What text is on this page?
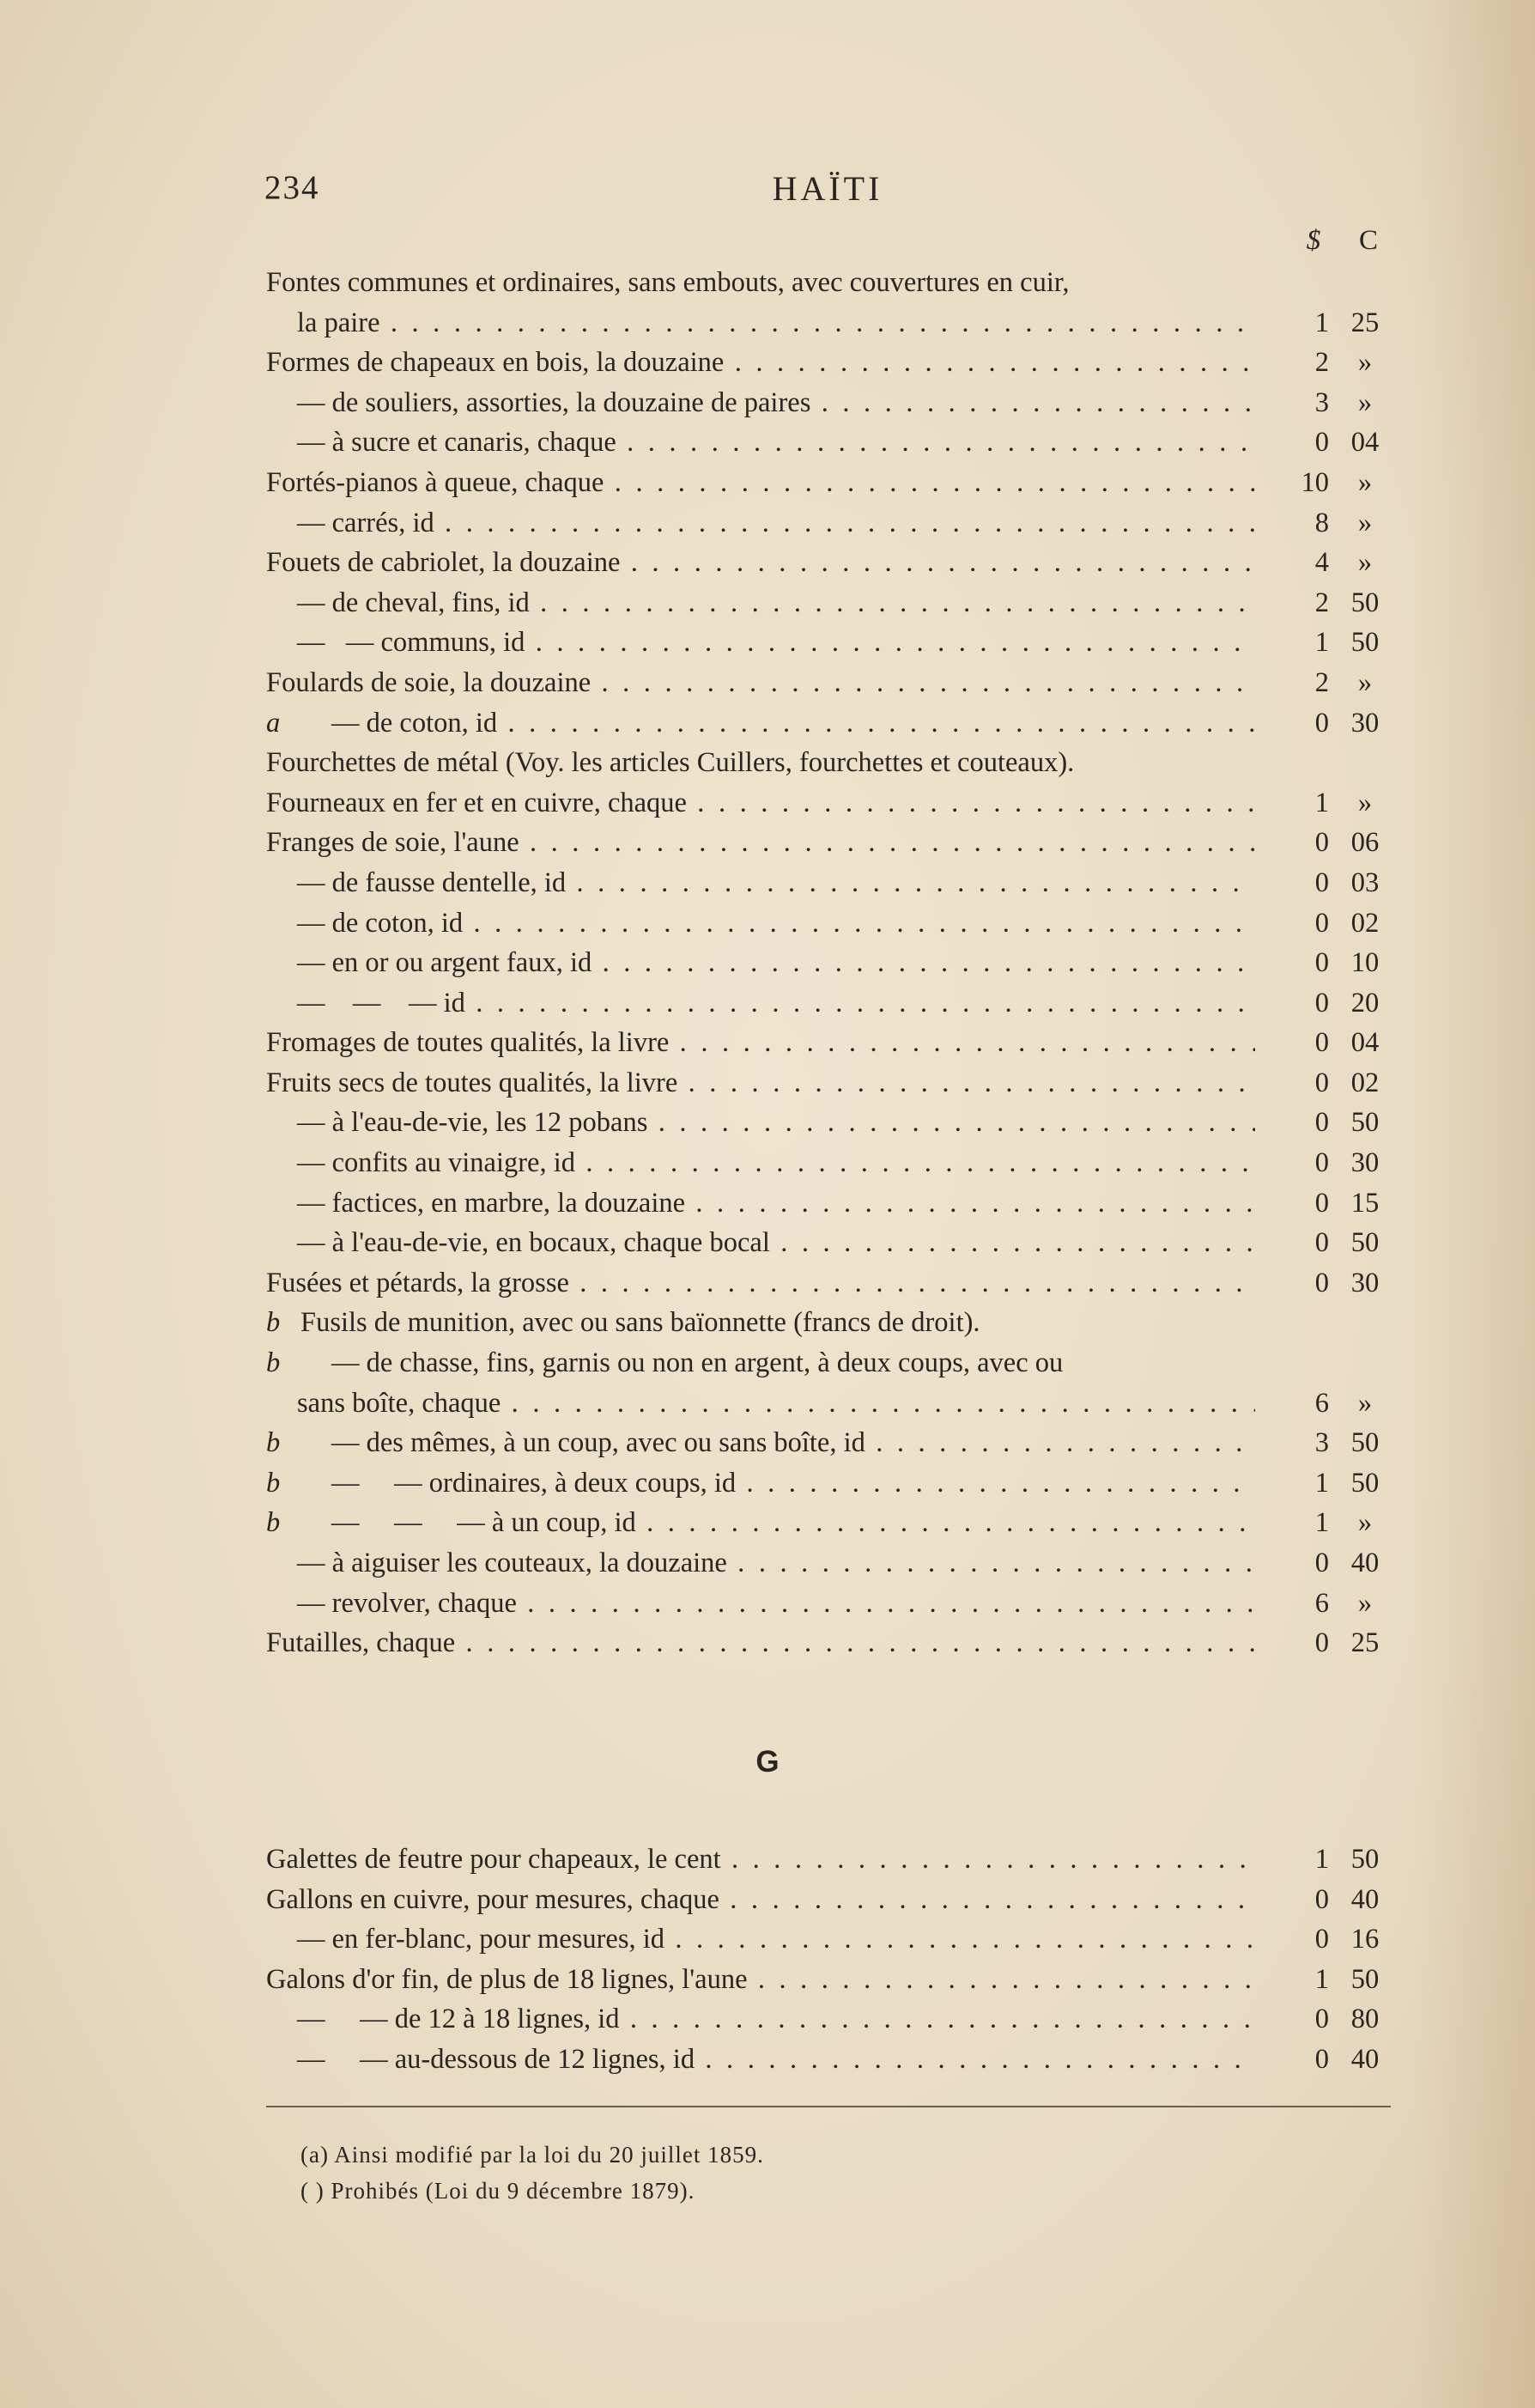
234	HAÏTI
$	C
Fontes communes et ordinaires, sans embouts, avec couvertures en cuir,
la paire . . .	1 25
Formes de chapeaux en bois, la douzaine . . .	2	»
— de souliers, assorties, la douzaine de paires . . .	3	»
— à sucre et canaris, chaque . . .	0 04
Fortés-pianos à queue, chaque . . .	10	»
— carrés, id . . .	8	»
Fouets de cabriolet, la douzaine . . .	4	»
— de cheval, fins, id . . .	2 50
—   — communs, id . . .	1 50
Foulards de soie, la douzaine . . .	2	»
a — de coton, id . . .	0 30
Fourchettes de métal (Voy. les articles Cuillers, fourchettes et couteaux).
Fourneaux en fer et en cuivre, chaque . . .	1	»
Franges de soie, l'aune . . .	0 06
— de fausse dentelle, id . . .	0 03
— de coton, id . . .	0 02
— en or ou argent faux, id . . .	0 10
—    —    — id . . .	0 20
Fromages de toutes qualités, la livre . . .	0 04
Fruits secs de toutes qualités, la livre . . .	0 02
— à l'eau-de-vie, les 12 pobans . . .	0 50
— confits au vinaigre, id . . .	0 30
— factices, en marbre, la douzaine . . .	0 15
— à l'eau-de-vie, en bocaux, chaque bocal . . .	0 50
Fusées et pétards, la grosse . . .	0 30
b Fusils de munition, avec ou sans baïonnette (francs de droit).
b — de chasse, fins, garnis ou non en argent, à deux coups, avec ou
sans boîte, chaque . . .	6	»
b — des mêmes, à un coup, avec ou sans boîte, id . . .	3 50
b —     — ordinaires, à deux coups, id . . .	1 50
b —     —     — à un coup, id . . .	1	»
— à aiguiser les couteaux, la douzaine . . .	0 40
— revolver, chaque . . .	6	»
Futailles, chaque . . .	0 25
G
Galettes de feutre pour chapeaux, le cent . . .	1 50
Gallons en cuivre, pour mesures, chaque . . .	0 40
— en fer-blanc, pour mesures, id . . .	0 16
Galons d'or fin, de plus de 18 lignes, l'aune . . .	1 50
—     — de 12 à 18 lignes, id . . .	0 80
—     — au-dessous de 12 lignes, id . . .	0 40
(a) Ainsi modifié par la loi du 20 juillet 1859.
( ) Prohibés (Loi du 9 décembre 1879).
